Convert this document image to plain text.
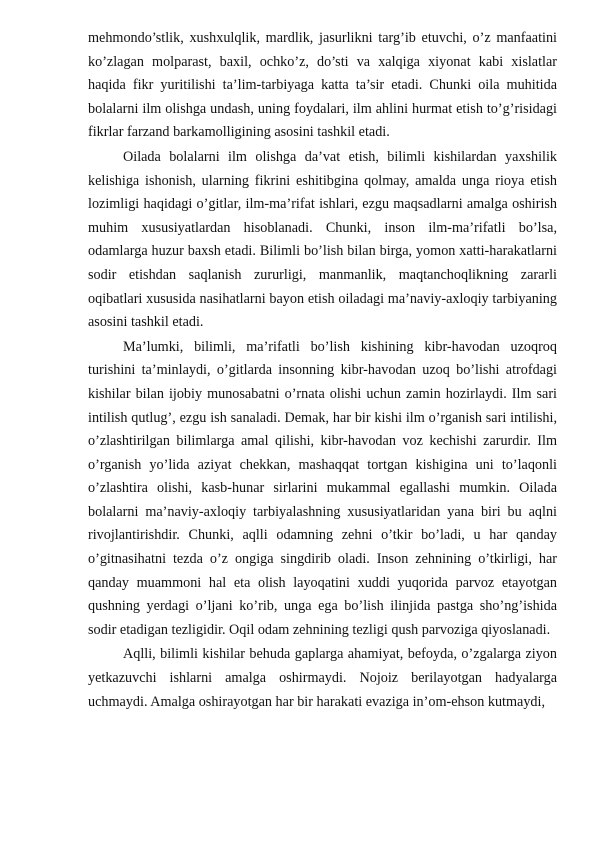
mehmondo’stlik, xushxulqlik, mardlik, jasurlikni targ’ib etuvchi, o’z manfaatini ko’zlagan molparast, baxil, ochko’z, do’sti va xalqiga xiyonat kabi xislatlar haqida fikr yuritilishi ta’lim-tarbiyaga katta ta’sir etadi. Chunki oila muhitida bolalarni ilm olishga undash, uning foydalari, ilm ahlini hurmat etish to’g’risidagi fikrlar farzand barkamolligining asosini tashkil etadi.

Oilada bolalarni ilm olishga da’vat etish, bilimli kishilardan yaxshilik kelishiga ishonish, ularning fikrini eshitibgina qolmay, amalda unga rioya etish lozimligi haqidagi o’gitlar, ilm-ma’rifat ishlari, ezgu maqsadlarni amalga oshirish muhim xususiyatlardan hisoblanadi. Chunki, inson ilm-ma’rifatli bo’lsa, odamlarga huzur baxsh etadi. Bilimli bo’lish bilan birga, yomon xatti-harakatlarni sodir etishdan saqlanish zururligi, manmanlik, maqtanchoqlikning zararli oqibatlari xususida nasihatlarni bayon etish oiladagi ma’naviy-axloqiy tarbiyaning asosini tashkil etadi.

Ma’lumki, bilimli, ma’rifatli bo’lish kishining kibr-havodan uzoqroq turishini ta’minlaydi, o’gitlarda insonning kibr-havodan uzoq bo’lishi atrofdagi kishilar bilan ijobiy munosabatni o’rnata olishi uchun zamin hozirlaydi. Ilm sari intilish qutlug’, ezgu ish sanaladi. Demak, har bir kishi ilm o’rganish sari intilishi, o’zlashtirilgan bilimlarga amal qilishi, kibr-havodan voz kechishi zarurdir. Ilm o’rganish yo’lida aziyat chekkan, mashaqqat tortgan kishigina uni to’laqonli o’zlashtira olishi, kasb-hunar sirlarini mukammal egallashi mumkin. Oilada bolalarni ma’naviy-axloqiy tarbiyalashning xususiyatlaridan yana biri bu aqlni rivojlantirishdir. Chunki, aqlli odamning zehni o’tkir bo’ladi, u har qanday o’gitnasihatni tezda o’z ongiga singdirib oladi. Inson zehnining o’tkirligi, har qanday muammoni hal eta olish layoqatini xuddi yuqorida parvoz etayotgan qushning yerdagi o’ljani ko’rib, unga ega bo’lish ilinjida pastga sho’ng’ishida sodir etadigan tezligidir. Oqil odam zehnining tezligi qush parvoziga qiyoslanadi.

Aqlli, bilimli kishilar behuda gaplarga ahamiyat, befoyda, o’zgalarga ziyon yetkazuvchi ishlarni amalga oshirmaydi. Nojoiz berilayotgan hadyalarga uchmaydi. Amalga oshirayotgan har bir harakati evaziga in’om-ehson kutmaydi,
